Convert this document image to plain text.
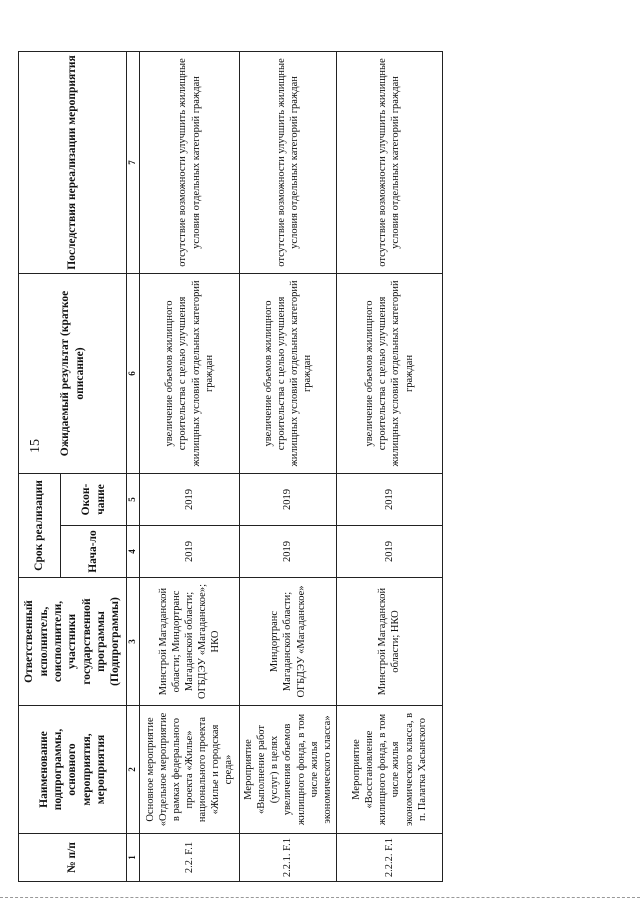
15
№ п/п	Наименование подпрограммы, основного мероприятия, мероприятия	Ответственный исполнитель, соисполнители, участники государственной программы (Подпрограммы)	Срок реализации		Ожидаемый результат (краткое описание)	Последствия нереализации мероприятия
			Нача-ло	Окон-чание		
1	2	3	4	5	6	7
2.2. F.1	Основное мероприятие «Отдельное мероприятие в рамках федерального проекта «Жилье» национального проекта «Жилье и городская среда»	Минстрой Магаданской области; Миндортранс Магаданской области; ОГБДЭУ «Магаданское»; НКО	2019	2019	увеличение объемов жилищного строительства с целью улучшения жилищных условий отдельных категорий граждан	отсутствие возможности улучшить жилищные условия отдельных категорий граждан
2.2.1. F.1	Мероприятие «Выполнение работ (услуг) в целях увеличения объемов жилищного фонда, в том числе жилья экономического класса»	Миндортранс Магаданской области; ОГБДЭУ «Магаданское»	2019	2019	увеличение объемов жилищного строительства с целью улучшения жилищных условий отдельных категорий граждан	отсутствие возможности улучшить жилищные условия отдельных категорий граждан
2.2.2. F.1	Мероприятие «Восстановление жилищного фонда, в том числе жилья экономического класса, в п. Палатка Хасынского	Минстрой Магаданской области; НКО	2019	2019	увеличение объемов жилищного строительства с целью улучшения жилищных условий отдельных категорий граждан	отсутствие возможности улучшить жилищные условия отдельных категорий граждан
